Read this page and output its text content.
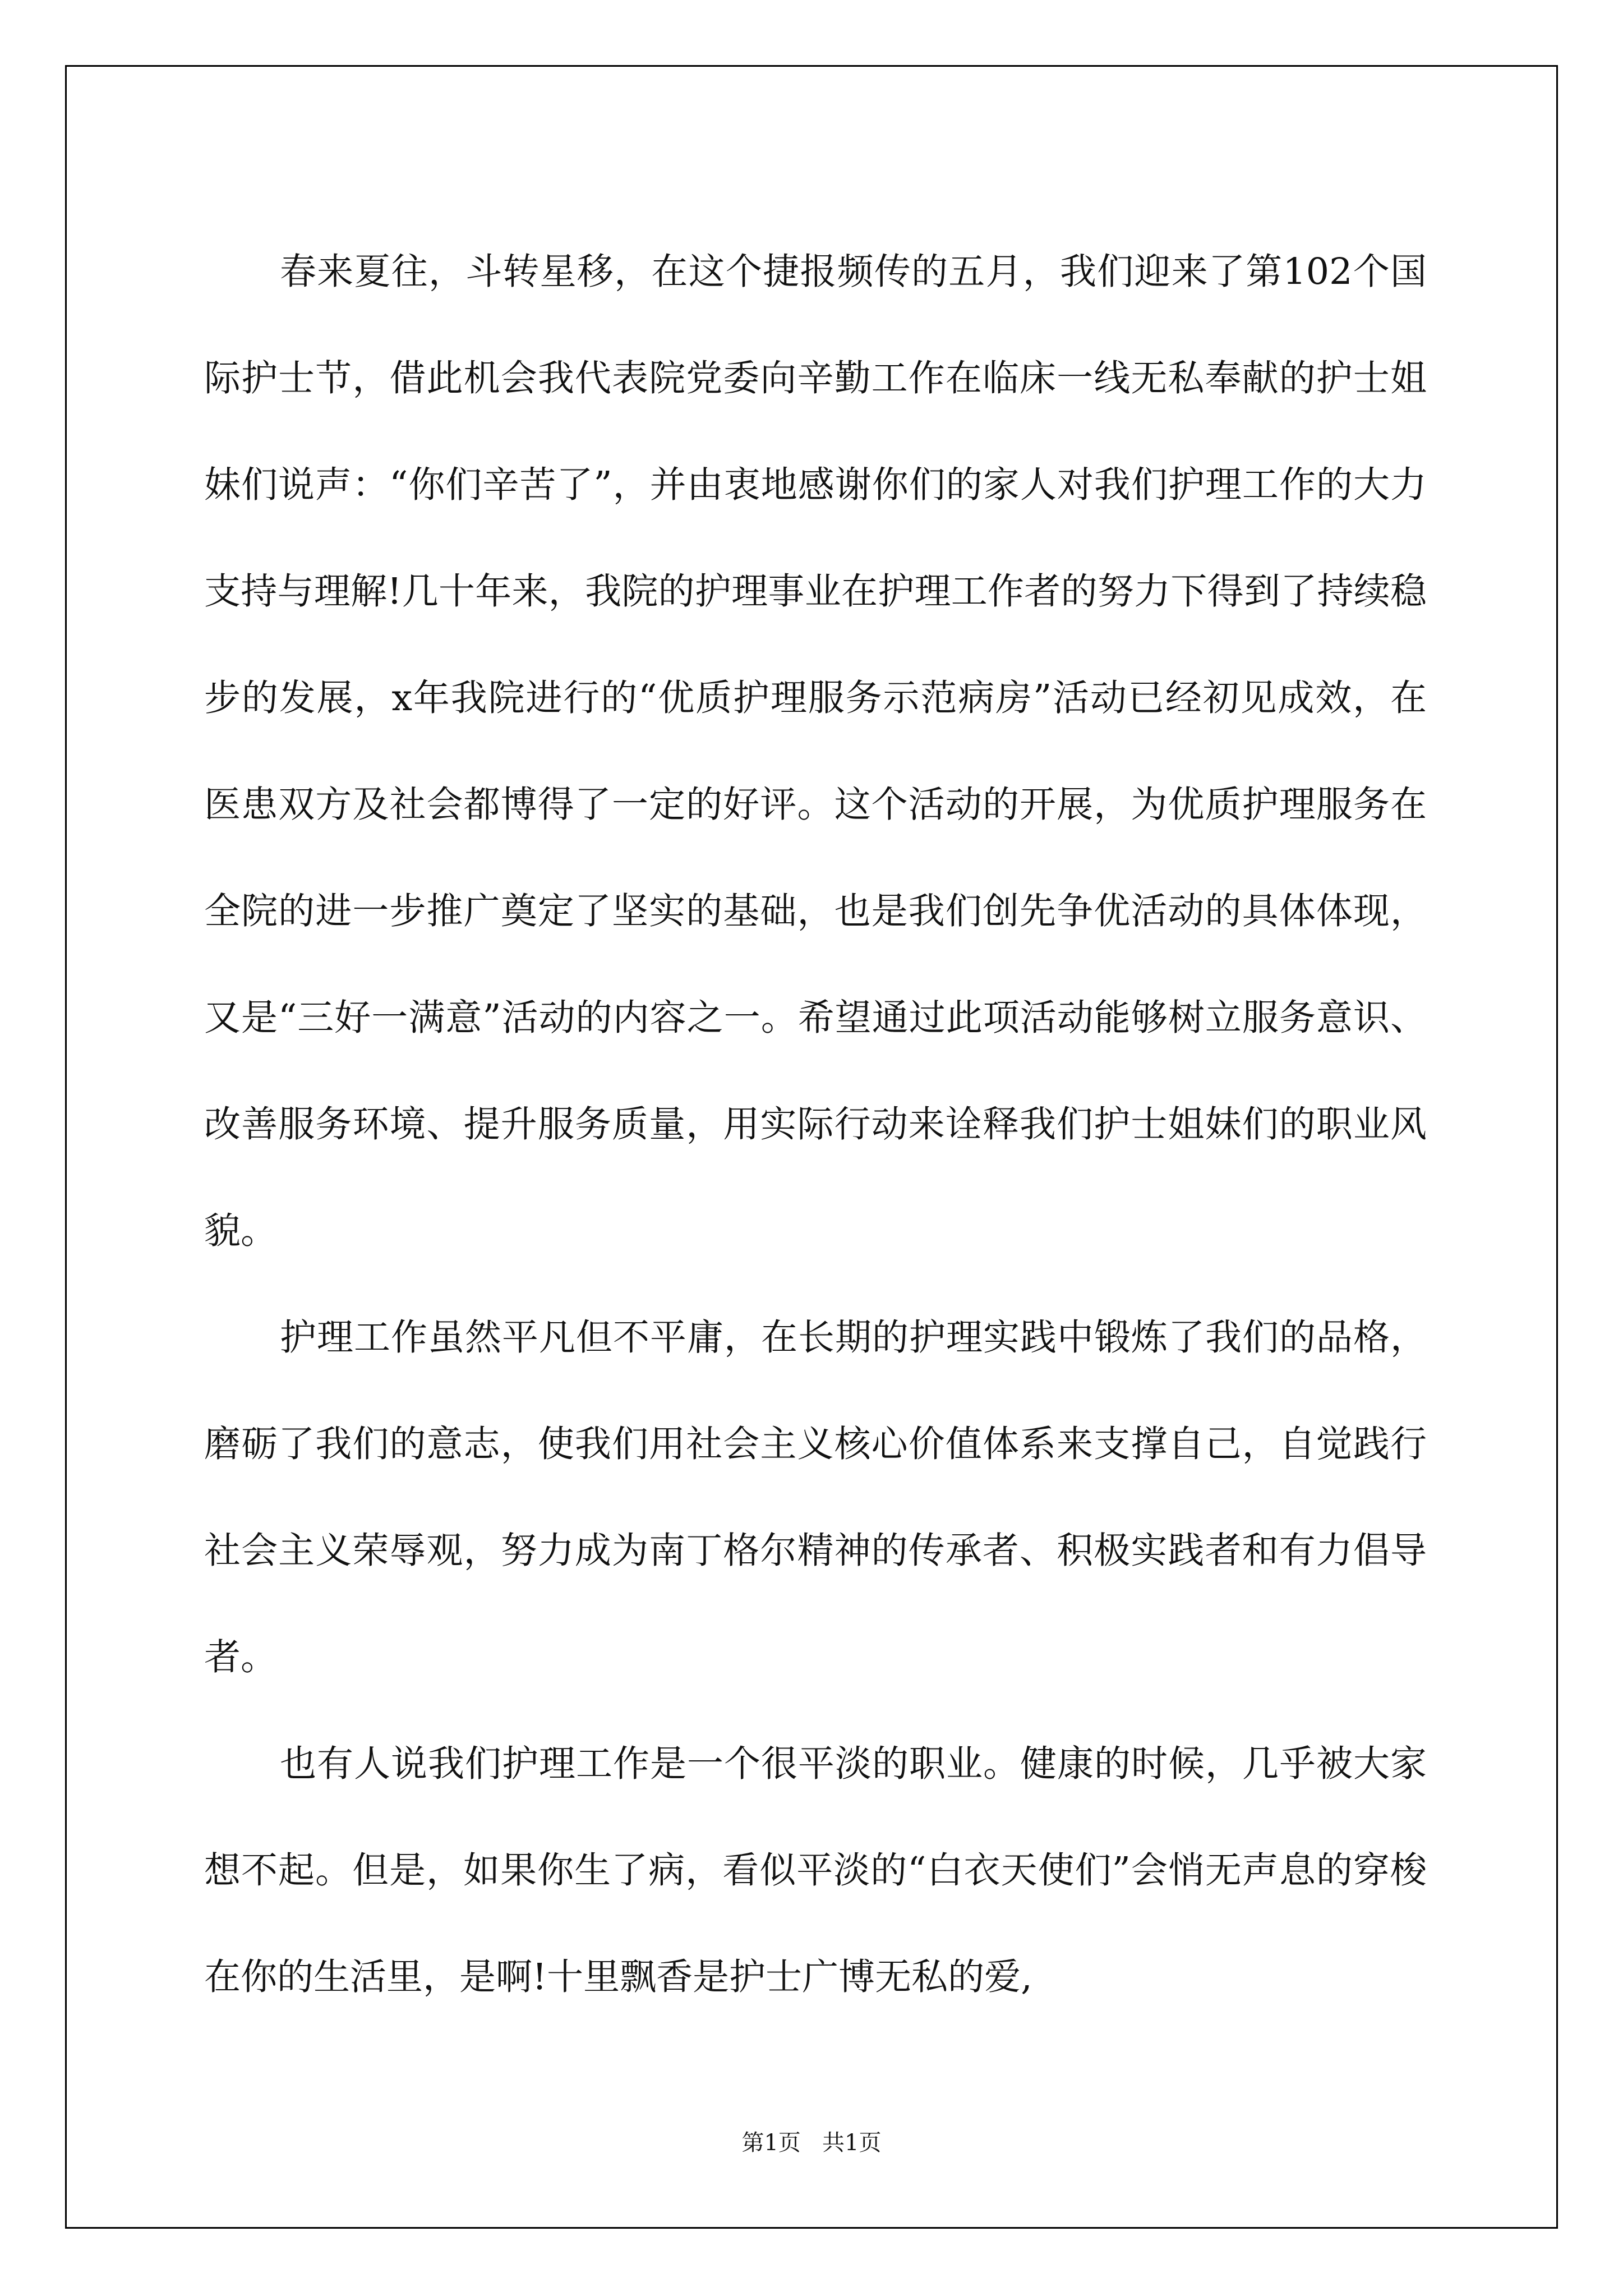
春来夏往，斗转星移，在这个捷报频传的五月，我们迎来了第102个国际护士节，借此机会我代表院党委向辛勤工作在临床一线无私奉献的护士姐妹们说声：“你们辛苦了”，并由衷地感谢你们的家人对我们护理工作的大力支持与理解!几十年来，我院的护理事业在护理工作者的努力下得到了持续稳步的发展，x年我院进行的“优质护理服务示范病房”活动已经初见成效，在医患双方及社会都博得了一定的好评。这个活动的开展，为优质护理服务在全院的进一步推广奠定了坚实的基础，也是我们创先争优活动的具体体现，又是“三好一满意”活动的内容之一。希望通过此项活动能够树立服务意识、改善服务环境、提升服务质量，用实际行动来诠释我们护士姐妹们的职业风貌。

护理工作虽然平凡但不平庸，在长期的护理实践中锻炼了我们的品格，磨砺了我们的意志，使我们用社会主义核心价值体系来支撑自己，自觉践行社会主义荣辱观，努力成为南丁格尔精神的传承者、积极实践者和有力倡导者。

也有人说我们护理工作是一个很平淡的职业。健康的时候，几乎被大家想不起。但是，如果你生了病，看似平淡的“白衣天使们”会悄无声息的穿梭在你的生活里，是啊!十里飘香是护士广博无私的爱,

第1页   共1页
